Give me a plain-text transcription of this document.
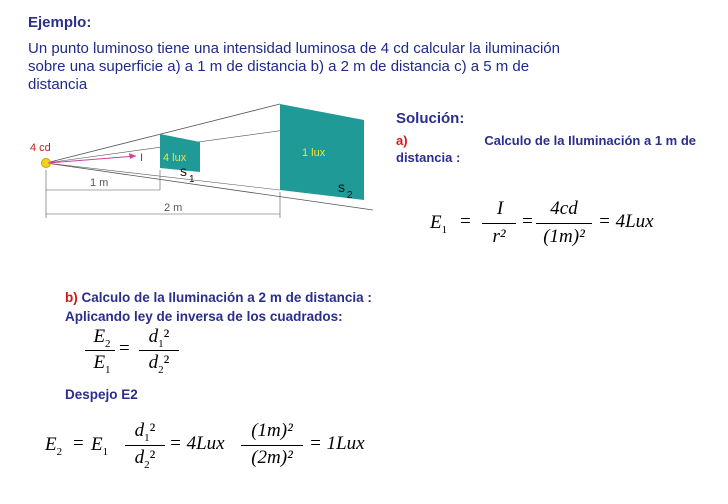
Ejemplo:
Un punto luminoso tiene una intensidad luminosa de 4 cd calcular la iluminación
sobre una superficie a) a 1 m de distancia b) a 2 m de distancia c) a 5 m de
distancia
4 cd
I 4 lux	1 lux
s
1	s
2
1 m
2 m
Solución:
a)	Calculo de la Iluminación a 1 m de
distancia :
$E_1$ =
I
r²
=
4cd
(1m)²
= 4Lux
b) Calculo de la Iluminación a 2 m de distancia :
Aplicando ley de inversa de los cuadrados:
$E_2$
$E_1$
=
$d_1^2$
$d_2^2$
Despejo E2
$E_2 = E_1$
$d_1^2$
$d_2^2$
= 4Lux
(1m)²
(2m)²
= 1Lux
